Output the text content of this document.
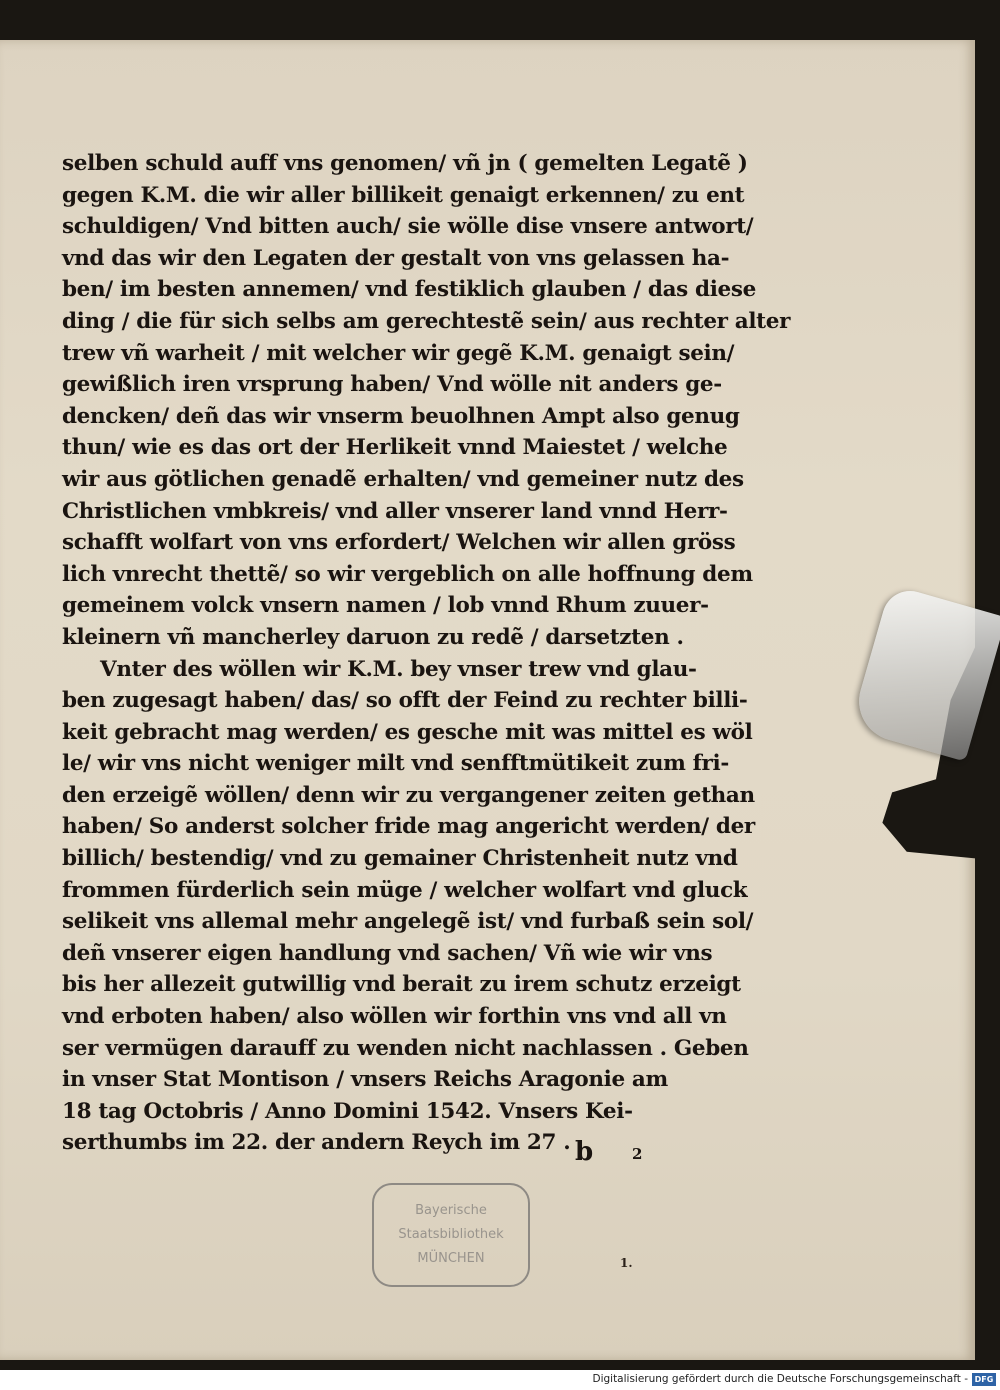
selben schuld auff vns genomen/ vñ jn ( gemelten Legatẽ )
gegen K.M. die wir aller billikeit genaigt erkennen/ zu ent
schuldigen/ Vnd bitten auch/ sie wölle dise vnsere antwort/
vnd das wir den Legaten der gestalt von vns gelassen ha-
ben/ im besten annemen/ vnd festiklich glauben / das diese
ding / die für sich selbs am gerechtestẽ sein/ aus rechter alter
trew vñ warheit / mit welcher wir gegẽ K.M. genaigt sein/
gewißlich iren vrsprung haben/ Vnd wölle nit anders ge-
dencken/ deñ das wir vnserm beuolhnen Ampt also genug
thun/ wie es das ort der Herlikeit vnnd Maiestet / welche
wir aus götlichen genadẽ erhalten/ vnd gemeiner nutz des
Christlichen vmbkreis/ vnd aller vnserer land vnnd Herr-
schafft wolfart von vns erfordert/ Welchen wir allen gröss
lich vnrecht thettẽ/ so wir vergeblich on alle hoffnung dem
gemeinem volck vnsern namen / lob vnnd Rhum zuuer-
kleinern vñ mancherley daruon zu redẽ / darsetzten .
Vnter des wöllen wir K.M. bey vnser trew vnd glau-
ben zugesagt haben/ das/ so offt der Feind zu rechter billi-
keit gebracht mag werden/ es gesche mit was mittel es wöl
le/ wir vns nicht weniger milt vnd senfftmütikeit zum fri-
den erzeigẽ wöllen/ denn wir zu vergangener zeiten gethan
haben/ So anderst solcher fride mag angericht werden/ der
billich/ bestendig/ vnd zu gemainer Christenheit nutz vnd
frommen fürderlich sein müge / welcher wolfart vnd gluck
selikeit vns allemal mehr angelegẽ ist/ vnd furbaß sein sol/
deñ vnserer eigen handlung vnd sachen/ Vñ wie wir vns
bis her allezeit gutwillig vnd berait zu irem schutz erzeigt
vnd erboten haben/ also wöllen wir forthin vns vnd all vn
ser vermügen darauff zu wenden nicht nachlassen . Geben
in vnser Stat Montison / vnsers Reichs Aragonie am
18 tag Octobris / Anno Domini 1542. Vnsers Kei-
serthumbs im 22. der andern Reych im 27 . b	2
Bayerische
Staatsbibliothek
MÜNCHEN	1.
Digitalisierung gefördert durch die Deutsche Forschungsgemeinschaft - DFG
